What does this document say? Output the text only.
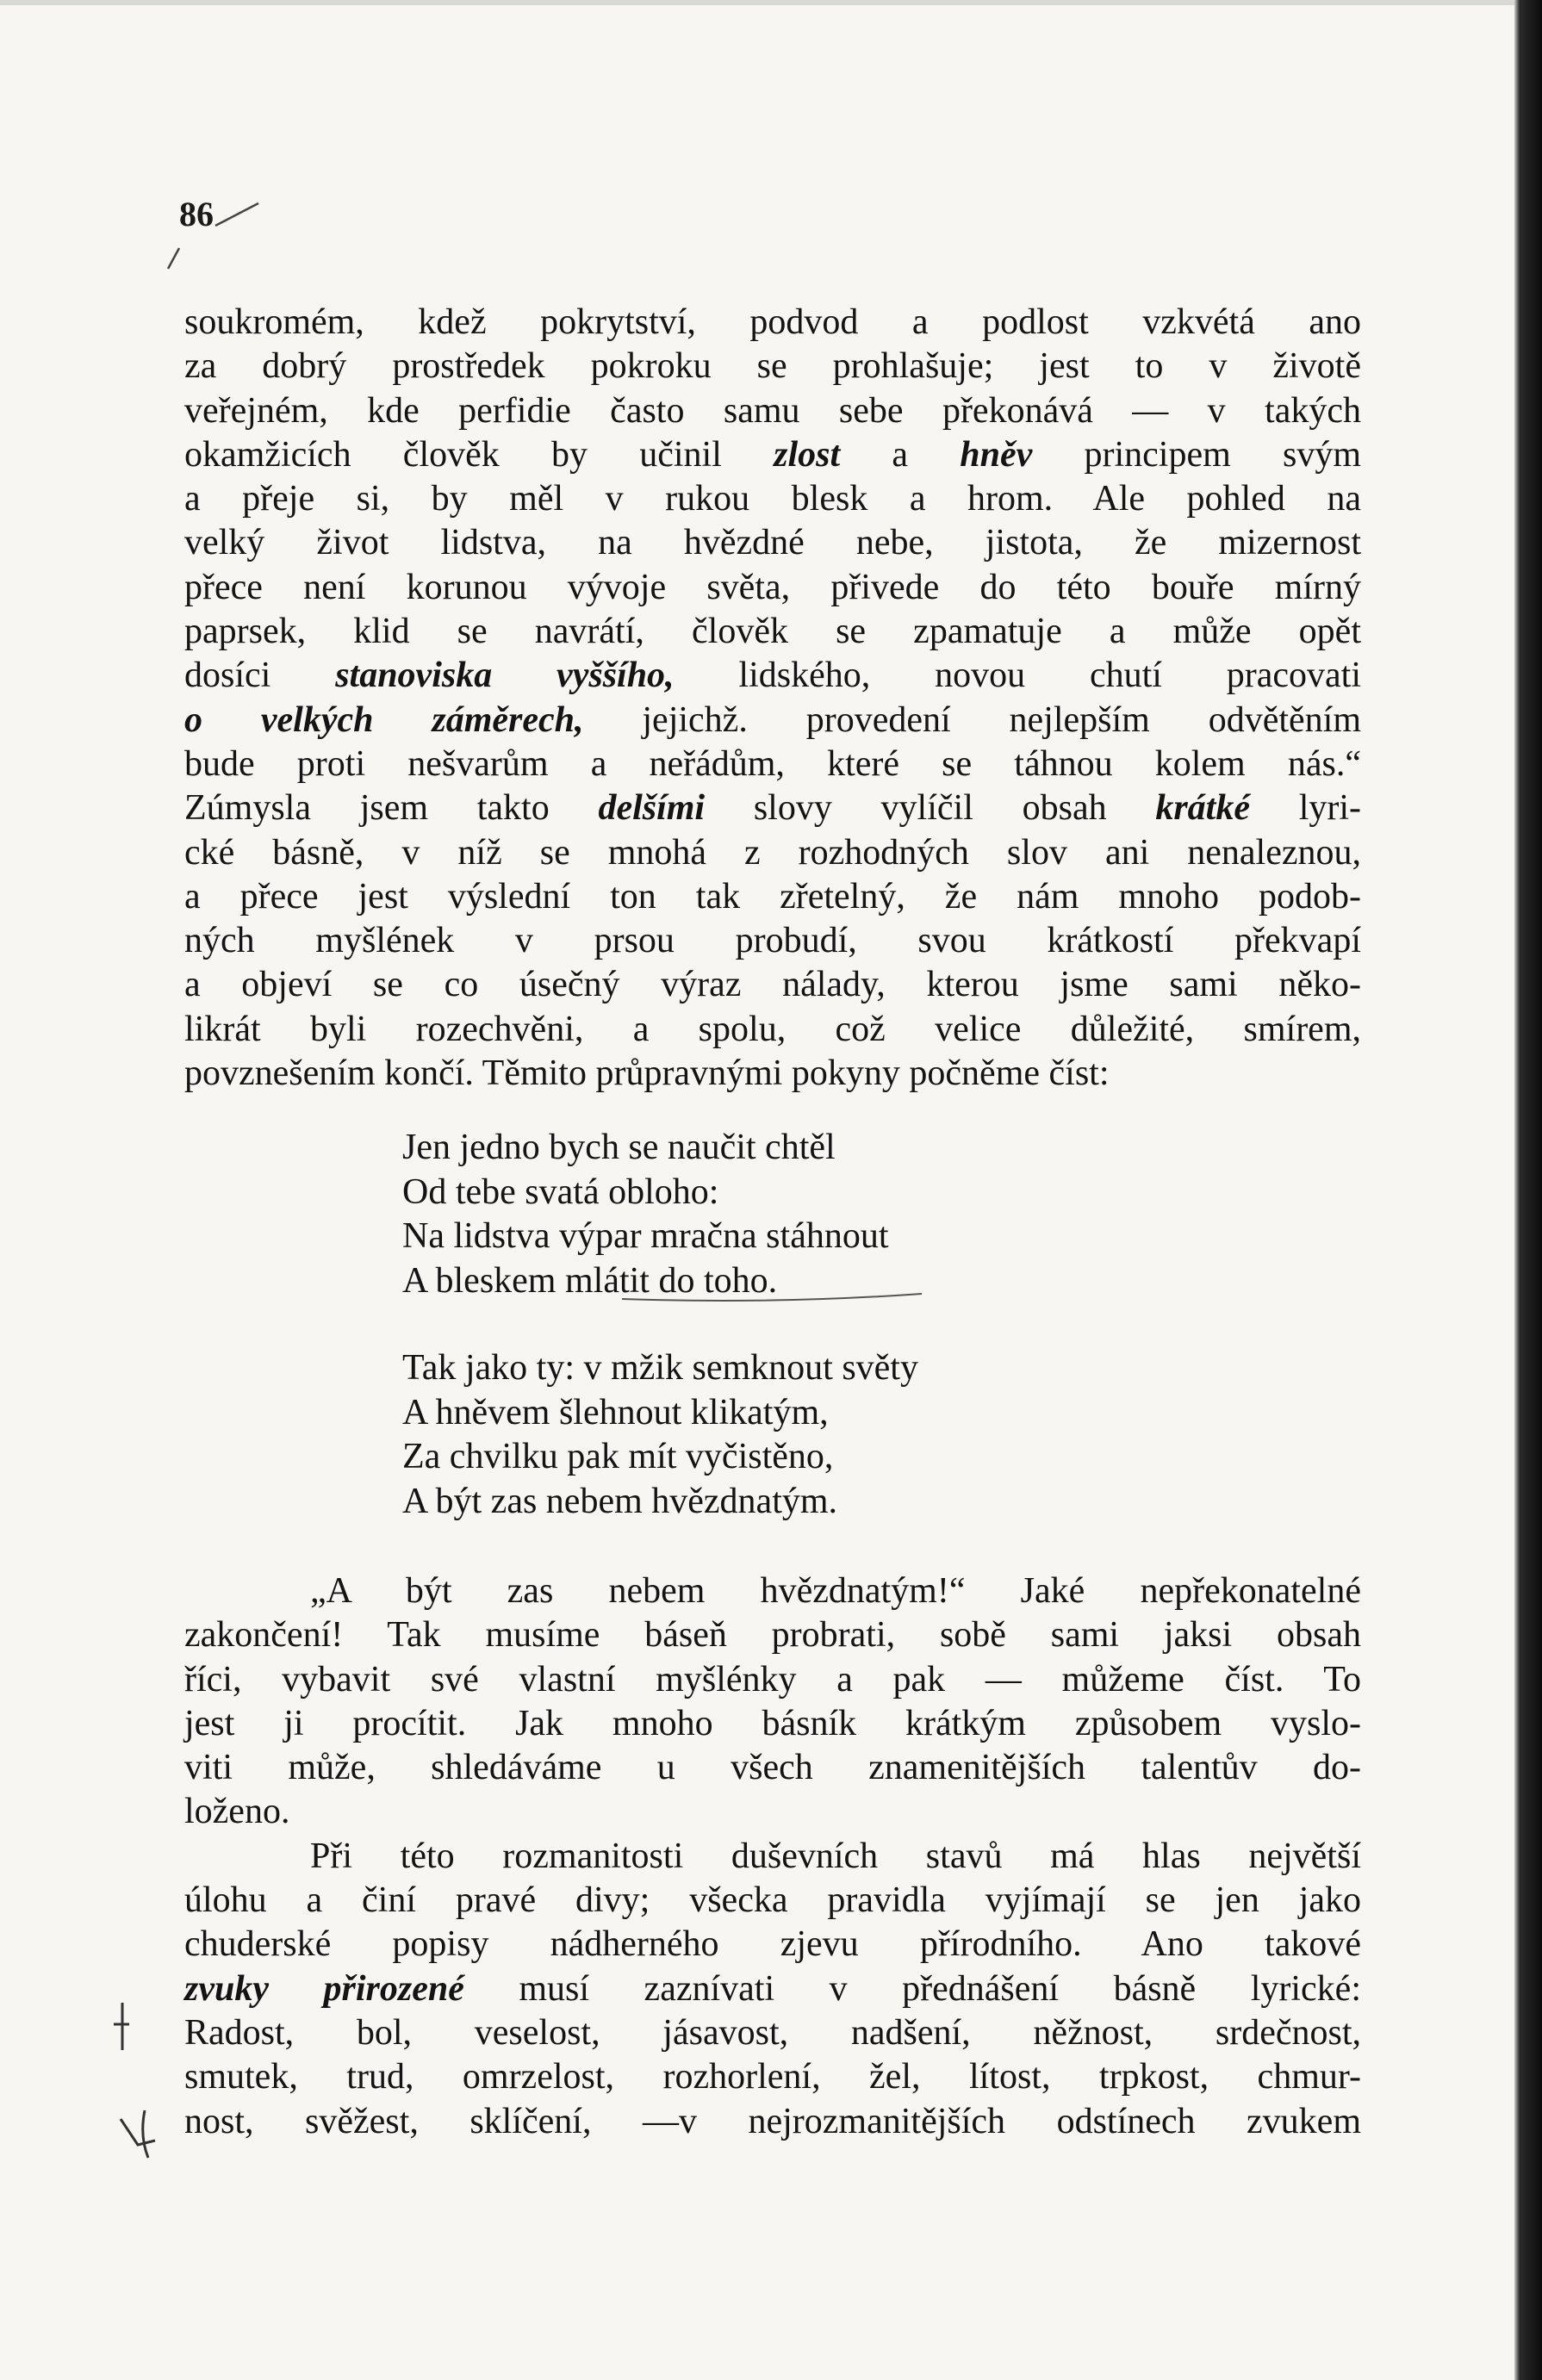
86
soukromém, kdež pokrytství, podvod a podlost vzkvétá ano
za dobrý prostředek pokroku se prohlašuje; jest to v životě
veřejném, kde perfidie často samu sebe překonává — v takých
okamžicích člověk by učinil zlost a hněv principem svým
a přeje si, by měl v rukou blesk a hrom. Ale pohled na
velký život lidstva, na hvězdné nebe, jistota, že mizernost
přece není korunou vývoje světa, přivede do této bouře mírný
paprsek, klid se navrátí, člověk se zpamatuje a může opět
dosíci stanoviska vyššího, lidského, novou chutí pracovati
o velkých záměrech, jejichž. provedení nejlepším odvětěním
bude proti nešvarům a neřádům, které se táhnou kolem nás.“
Zúmysla jsem takto delšími slovy vylíčil obsah krátké lyri-
cké básně, v níž se mnohá z rozhodných slov ani nenaleznou,
a přece jest výslední ton tak zřetelný, že nám mnoho podob-
ných myšlének v prsou probudí, svou krátkostí překvapí
a objeví se co úsečný výraz nálady, kterou jsme sami něko-
likrát byli rozechvěni, a spolu, což velice důležité, smírem,
povznešením končí. Těmito průpravnými pokyny počněme číst:
Jen jedno bych se naučit chtěl
Od tebe svatá obloho:
Na lidstva výpar mračna stáhnout
A bleskem mlátit do toho.
Tak jako ty: v mžik semknout světy
A hněvem šlehnout klikatým,
Za chvilku pak mít vyčistěno,
A být zas nebem hvězdnatým.
„A být zas nebem hvězdnatým!“ Jaké nepřekonatelné
zakončení! Tak musíme báseň probrati, sobě sami jaksi obsah
říci, vybavit své vlastní myšlénky a pak — můžeme číst. To
jest ji procítit. Jak mnoho básník krátkým způsobem vyslo-
viti může, shledáváme u všech znamenitějších talentův do-
loženo.
Při této rozmanitosti duševních stavů má hlas největší
úlohu a činí pravé divy; všecka pravidla vyjímají se jen jako
chuderské popisy nádherného zjevu přírodního. Ano takové
zvuky přirozené musí zaznívati v přednášení básně lyrické:
Radost, bol, veselost, jásavost, nadšení, něžnost, srdečnost,
smutek, trud, omrzelost, rozhorlení, žel, lítost, trpkost, chmur-
nost, svěžest, sklíčení, —v nejrozmanitějších odstínech zvukem
